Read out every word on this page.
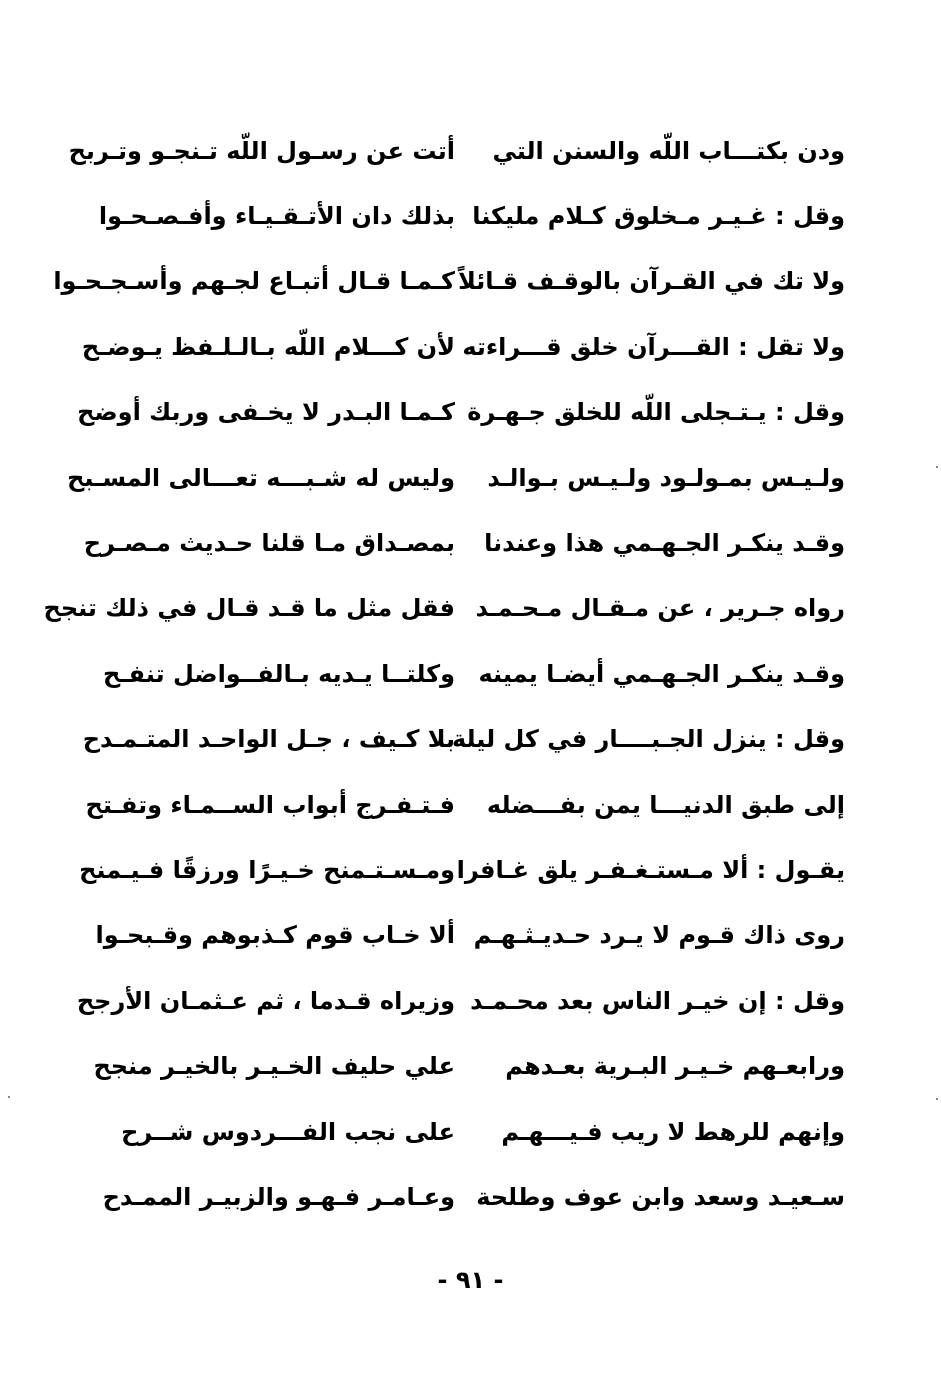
ودن بكتـــاب اللّه والسنن التي
أتت عن رسـول اللّه تـنجـو وتـربح
وقل : غـيـر مـخلوق كـلام مليكنا
بذلك دان الأتـقـيـاء وأفـصـحـوا
ولا تك في القـرآن بالوقـف قـائلاً
كـمـا قـال أتبـاع لجـهم وأسـجـحـوا
ولا تقل : القـــرآن خلق قـــراءته
لأن كـــلام اللّه بـالـلـفظ يـوضـح
وقل : يـتـجلى اللّه للخلق جـهـرة
كـمـا البـدر لا يخـفى وربك أوضح
ولـيـس بمـولـود ولـيـس بـوالـد
وليس له شـبـــه تعـــالى المسـبح
وقـد ينكـر الجـهـمي هذا وعندنا
بمصـداق مـا قلنا حـديث مـصـرح
رواه جـرير ، عن مـقـال مـحـمـد
فقل مثل ما قـد قـال في ذلك تنجح
وقـد ينكـر الجـهـمي أيضـا يمينه
وكلتــا يـديه بـالفــواضل تنفـح
وقل : ينزل الجـبــــار في كل ليلة
بلا كـيف ، جـل الواحـد المتـمـدح
إلى طبق الدنيـــا يمن بفـــضله
فـتـفـرج أبواب الســمـاء وتفـتح
يقـول : ألا مـستـغـفـر يلق غـافرا
ومـسـتـمنح خـيـرًا ورزقًا فـيـمنح
روى ذاك قـوم لا يـرد حـديـثـهـم
ألا خـاب قوم كـذبوهم وقـبحـوا
وقل : إن خيـر الناس بعد محـمـد
وزيراه قـدما ، ثم عـثمـان الأرجح
ورابعـهم خـيـر البـرية بعـدهم
علي حليف الخـيـر بالخيـر منجح
وإنهم للرهط لا ريب فـيـــهـم
على نجب الفـــردوس شــرح
سـعيـد وسعد وابن عوف وطلحة
وعـامـر فـهـو والزبيـر الممـدح
- ٩١ -
